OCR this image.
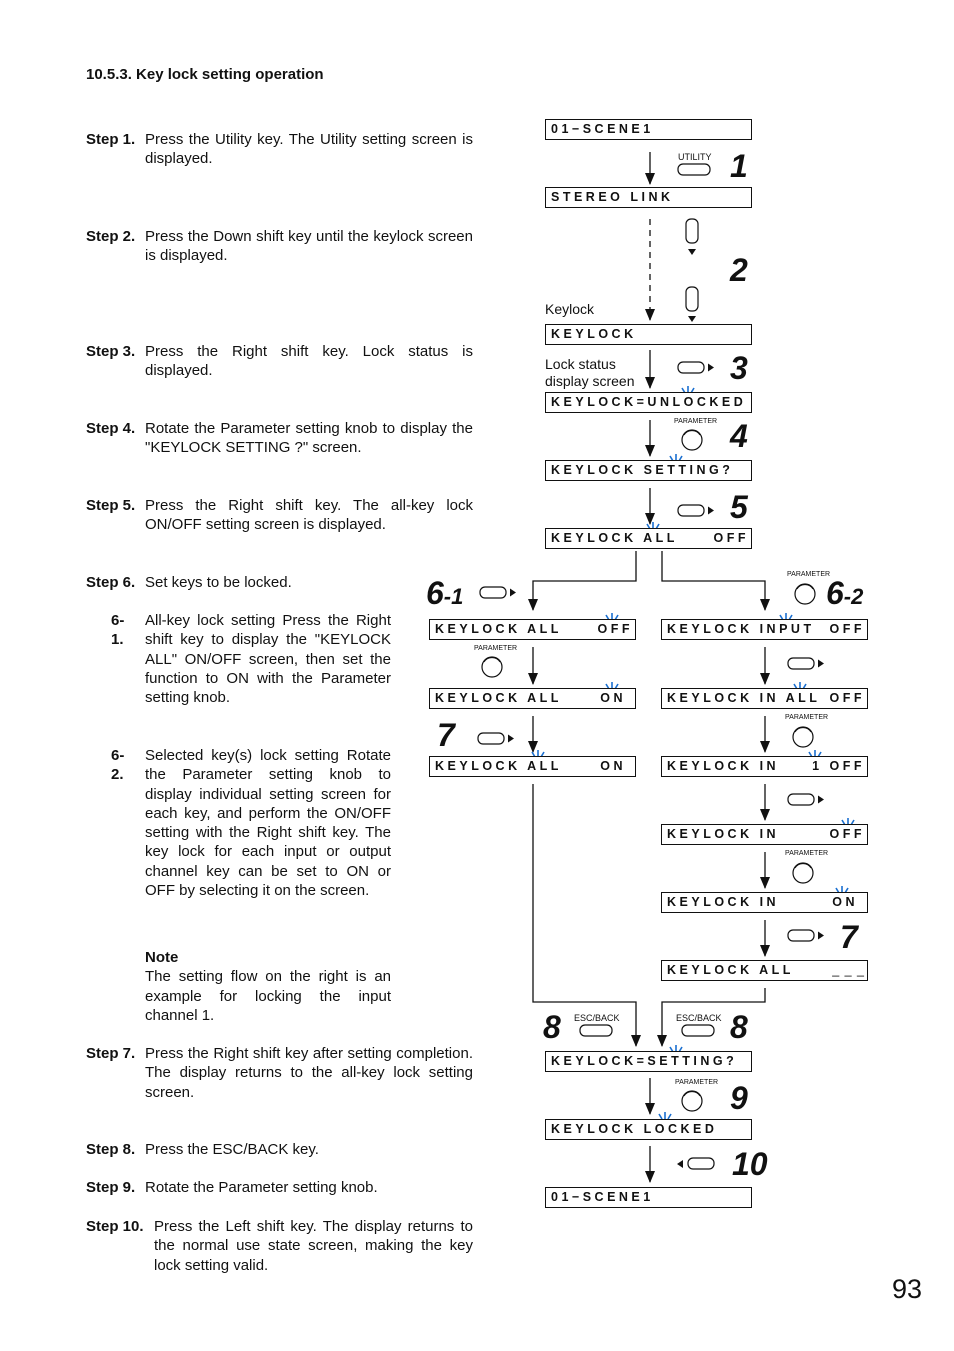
10.5.3. Key lock setting operation
Step 1. Press the Utility key. The Utility setting screen is displayed.
Step 2. Press the Down shift key until the keylock screen is displayed.
Step 3. Press the Right shift key. Lock status is displayed.
Step 4. Rotate the Parameter setting knob to display the "KEYLOCK SETTING ?" screen.
Step 5. Press the Right shift key. The all-key lock ON/OFF setting screen is displayed.
Step 6. Set keys to be locked.
6-1.
All-key lock setting Press the Right shift key to display the "KEYLOCK ALL" ON/OFF screen, then set the function to ON with the Parameter setting knob.
6-2.
Selected key(s) lock setting Rotate the Parameter setting knob to display individual setting screen for each key, and perform the ON/OFF setting with the Right shift key. The key lock for each input or output channel key can be set to ON or OFF by selecting it on the screen.
Note
The setting flow on the right is an example for locking the input channel 1.
Step 7. Press the Right shift key after setting completion. The display returns to the all-key lock setting screen.
Step 8. Press the ESC/BACK key.
Step 9. Rotate the Parameter setting knob.
Step 10. Press the Left shift key. The display returns to the normal use state screen, making the key lock setting valid.
93
UTILITY
PARAMETER
PARAMETER
PARAMETER
PARAMETER
PARAMETER
PARAMETER
ESC/BACK	ESC/BACK
Keylock
Lock status display screen
1
2
3
4
5
6-1	6-2
7
7
8	8
9
10
01−SCENE1
STEREO LINK
KEYLOCK
KEYLOCK=UNLOCKED
KEYLOCK SETTING?
KEYLOCK ALL	OFF
KEYLOCK ALL	OFF
KEYLOCK ALL	ON
KEYLOCK ALL	ON
KEYLOCK INPUT OFF
KEYLOCK IN ALL OFF
KEYLOCK IN	1 OFF
KEYLOCK IN	OFF
KEYLOCK IN	ON
KEYLOCK ALL	_ _ _
KEYLOCK=SETTING?
KEYLOCK LOCKED
01−SCENE1
